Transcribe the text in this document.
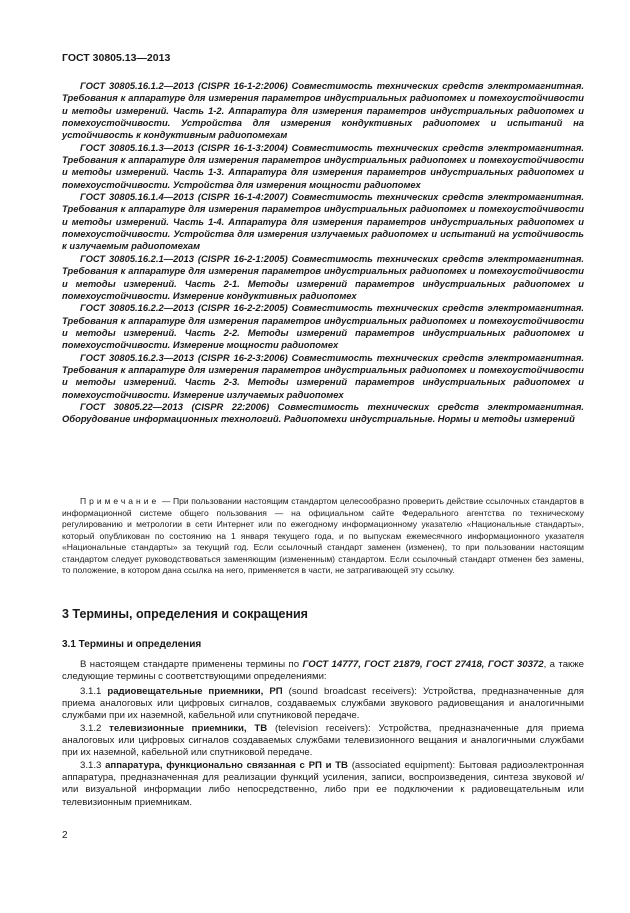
ГОСТ 30805.13—2013

ГОСТ 30805.16.1.2—2013 (CISPR 16-1-2:2006) Совместимость технических средств электромагнитная. Требования к аппаратуре для измерения параметров индустриальных радиопомех и помехоустойчивости и методы измерений. Часть 1-2. Аппаратура для измерения параметров индустриальных радиопомех и помехоустойчивости. Устройства для измерения кондуктивных радиопомех и испытаний на устойчивость к кондуктивным радиопомехам

ГОСТ 30805.16.1.3—2013 (CISPR 16-1-3:2004) Совместимость технических средств электромагнитная. Требования к аппаратуре для измерения параметров индустриальных радиопомех и помехоустойчивости и методы измерений. Часть 1-3. Аппаратура для измерения параметров индустриальных радиопомех и помехоустойчивости. Устройства для измерения мощности радиопомех

ГОСТ 30805.16.1.4—2013 (CISPR 16-1-4:2007) Совместимость технических средств электромагнитная. Требования к аппаратуре для измерения параметров индустриальных радиопомех и помехоустойчивости и методы измерений. Часть 1-4. Аппаратура для измерения параметров индустриальных радиопомех и помехоустойчивости. Устройства для измерения излучаемых радиопомех и испытаний на устойчивость к излучаемым радиопомехам

ГОСТ 30805.16.2.1—2013 (CISPR 16-2-1:2005) Совместимость технических средств электромагнитная. Требования к аппаратуре для измерения параметров индустриальных радиопомех и помехоустойчивости и методы измерений. Часть 2-1. Методы измерений параметров индустриальных радиопомех и помехоустойчивости. Измерение кондуктивных радиопомех

ГОСТ 30805.16.2.2—2013 (CISPR 16-2-2:2005) Совместимость технических средств электромагнитная. Требования к аппаратуре для измерения параметров индустриальных радиопомех и помехоустойчивости и методы измерений. Часть 2-2. Методы измерений параметров индустриальных радиопомех и помехоустойчивости. Измерение мощности радиопомех

ГОСТ 30805.16.2.3—2013 (CISPR 16-2-3:2006) Совместимость технических средств электромагнитная. Требования к аппаратуре для измерения параметров индустриальных радиопомех и помехоустойчивости и методы измерений. Часть 2-3. Методы измерений параметров индустриальных радиопомех и помехоустойчивости. Измерение излучаемых радиопомех

ГОСТ 30805.22—2013 (CISPR 22:2006) Совместимость технических средств электромагнитная. Оборудование информационных технологий. Радиопомехи индустриальные. Нормы и методы измерений

Примечание — При пользовании настоящим стандартом целесообразно проверить действие ссылочных стандартов в информационной системе общего пользования — на официальном сайте Федерального агентства по техническому регулированию и метрологии в сети Интернет или по ежегодному информационному указателю «Национальные стандарты», который опубликован по состоянию на 1 января текущего года, и по выпускам ежемесячного информационного указателя «Национальные стандарты» за текущий год. Если ссылочный стандарт заменен (изменен), то при пользовании настоящим стандартом следует руководствоваться заменяющим (измененным) стандартом. Если ссылочный стандарт отменен без замены, то положение, в котором дана ссылка на него, применяется в части, не затрагивающей эту ссылку.

3 Термины, определения и сокращения
3.1 Термины и определения

В настоящем стандарте применены термины по ГОСТ 14777, ГОСТ 21879, ГОСТ 27418, ГОСТ 30372, а также следующие термины с соответствующими определениями:

3.1.1 радиовещательные приемники, РП (sound broadcast receivers): Устройства, предназначенные для приема аналоговых или цифровых сигналов, создаваемых службами звукового радиовещания и аналогичными службами при их наземной, кабельной или спутниковой передаче.

3.1.2 телевизионные приемники, ТВ (television receivers): Устройства, предназначенные для приема аналоговых или цифровых сигналов создаваемых службами телевизионного вещания и аналогичными службами при их наземной, кабельной или спутниковой передаче.

3.1.3 аппаратура, функционально связанная с РП и ТВ (associated equipment): Бытовая радиоэлектронная аппаратура, предназначенная для реализации функций усиления, записи, воспроизведения, синтеза звуковой и/или визуальной информации либо непосредственно, либо при ее подключении к радиовещательным или телевизионным приемникам.

2
